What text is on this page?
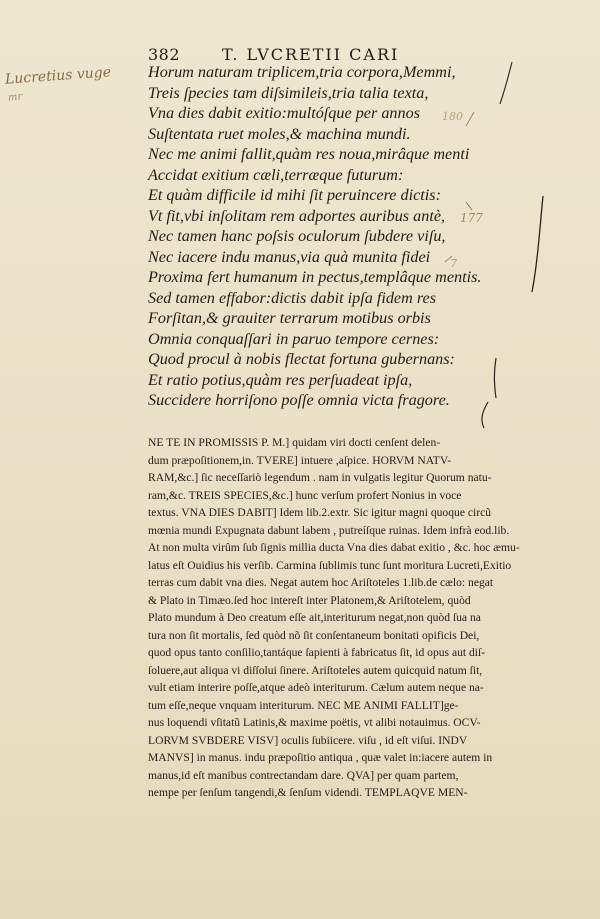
382	T. LVCRETII CARI
Horum naturam triplicem,tria corpora,Memmi,
Treis ſpecies tam diſsimileis,tria talia texta,
Vna dies dabit exitio:multóſque per annos
Suſtentata ruet moles,& machina mundi.
Nec me animi fallit,quàm res noua,mirâque menti
Accidat exitium cæli,terræque futurum:
Et quàm difficile id mihi ſit peruincere dictis:
Vt fit,vbi inſolitam rem adportes auribus antè,
Nec tamen hanc poſsis oculorum ſubdere viſu,
Nec iacere indu manus,via quà munita fidei
Proxima fert humanum in pectus,templâque mentis.
Sed tamen effabor:dictis dabit ipſa fidem res
Forſitan,& grauiter terrarum motibus orbis
Omnia conquaſſari in paruo tempore cernes:
Quod procul à nobis flectat fortuna gubernans:
Et ratio potius,quàm res perſuadeat ipſa,
Succidere horriſono poſſe omnia victa fragore.
NE TE IN PROMISSIS P. M.] quidam viri docti cenſent delen-
dum præpoſitionem,in. TVERE] intuere ,aſpice. HORVM NATV-
RAM,&c.] ſic neceſſariò legendum . nam in vulgatis legitur Quorum natu-
ram,&c. TREIS SPECIES,&c.] hunc verſum profert Nonius in voce
textus. VNA DIES DABIT] Idem lib.2.extr. Sic igitur magni quoque circũ
mœnia mundi Expugnata dabunt labem , putreíſque ruinas. Idem infrà eod.lib.
At non multa virûm ſub ſignis millia ducta Vna dies dabat exitio , &c. hoc æmu-
latus eſt Ouidius his verſib. Carmina ſublimis tunc ſunt moritura Lucreti,Exitio
terras cum dabit vna dies. Negat autem hoc Ariſtoteles 1.lib.de cælo: negat
& Plato in Timæo.ſed hoc intereſt inter Platonem,& Ariſtotelem, quòd
Plato mundum à Deo creatum eſſe ait,interiturum negat,non quòd ſua na
tura non ſit mortalis, ſed quòd nõ ſit conſentaneum bonitati opificis Dei,
quod opus tanto conſilio,tantáque ſapienti à fabricatus ſit, id opus aut diſ-
ſoluere,aut aliqua vi diſſolui ſinere. Ariſtoteles autem quicquid natum ſit,
vult etiam interire poſſe,atque adeò interiturum. Cælum autem neque na-
tum eſſe,neque vnquam interiturum. NEC ME ANIMI FALLIT]ge-
nus loquendi vſitatũ Latinis,& maxime poëtis, vt alibi notauimus. OCV-
LORVM SVBDERE VISV] oculis ſubiicere. viſu , id eſt viſui. INDV
MANVS] in manus. indu præpoſitio antiqua , quæ valet in:iacere autem in
manus,id eſt manibus contrectandam dare. QVA] per quam partem,
nempe per ſenſum tangendi,& ſenſum videndi. TEMPLAQVE MEN-
Lucretius vuge
mr
180
177
7
